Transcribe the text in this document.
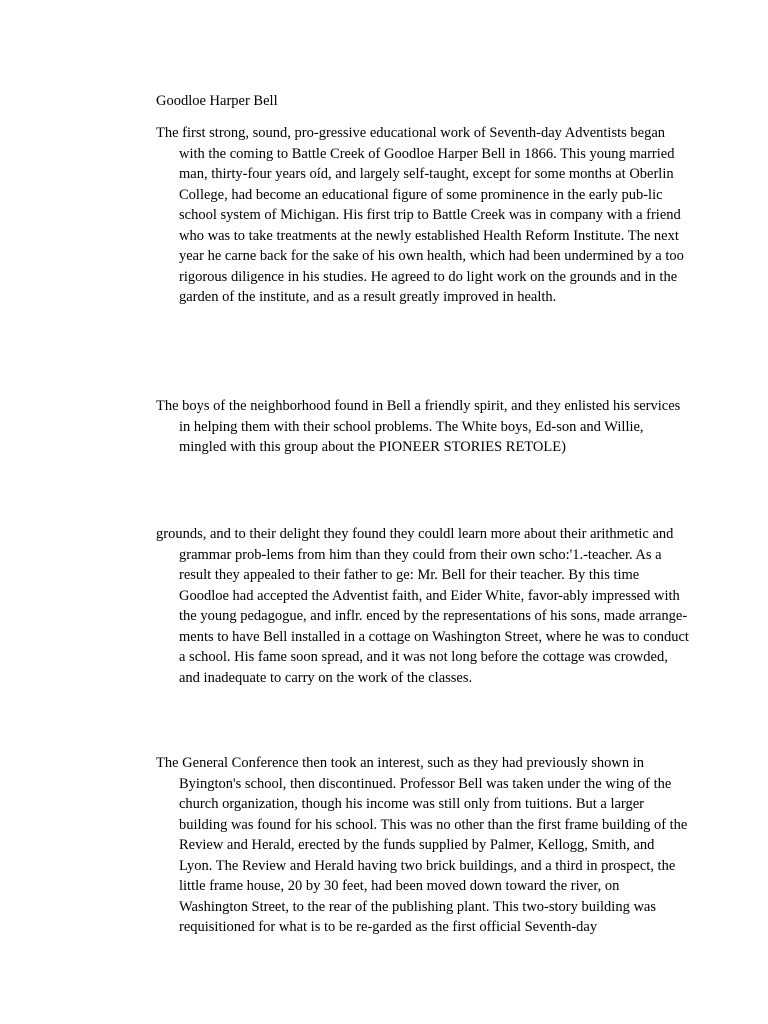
Goodloe Harper Bell

The first strong, sound, pro-gressive educational work of Seventh-day Adventists began with the coming to Battle Creek of Goodloe Harper Bell in 1866. This young married man, thirty-four years oíd, and largely self-taught, except for some months at Oberlin College, had become an educational figure of some prominence in the early pub-lic school system of Michigan. His first trip to Battle Creek was in company with a friend who was to take treatments at the newly established Health Reform Institute. The next year he carne back for the sake of his own health, which had been undermined by a too rigorous diligence in his studies. He agreed to do light work on the grounds and in the garden of the institute, and as a result greatly improved in health.

The boys of the neighborhood found in Bell a friendly spirit, and they enlisted his services in helping them with their school problems. The White boys, Ed-son and Willie, mingled with this group about the PIONEER STORIES RETOLE)

grounds, and to their delight they found they couldl learn more about their arithmetic and grammar prob-lems from him than they could from their own scho:'1.-teacher. As a result they appealed to their father to ge: Mr. Bell for their teacher. By this time Goodloe had accepted the Adventist faith, and Eider White, favor-ably impressed with the young pedagogue, and inflr. enced by the representations of his sons, made arrange-ments to have Bell installed in a cottage on Washington Street, where he was to conduct a school. His fame soon spread, and it was not long before the cottage was crowded, and inadequate to carry on the work of the classes.

The General Conference then took an interest, such as they had previously shown in Byington's school, then discontinued. Professor Bell was taken under the wing of the church organization, though his income was still only from tuitions. But a larger building was found for his school. This was no other than the first frame building of the Review and Herald, erected by the funds supplied by Palmer, Kellogg, Smith, and Lyon. The Review and Herald having two brick buildings, and a third in prospect, the little frame house, 20 by 30 feet, had been moved down toward the river, on Washington Street, to the rear of the publishing plant. This two-story building was requisitioned for what is to be re-garded as the first official Seventh-day
